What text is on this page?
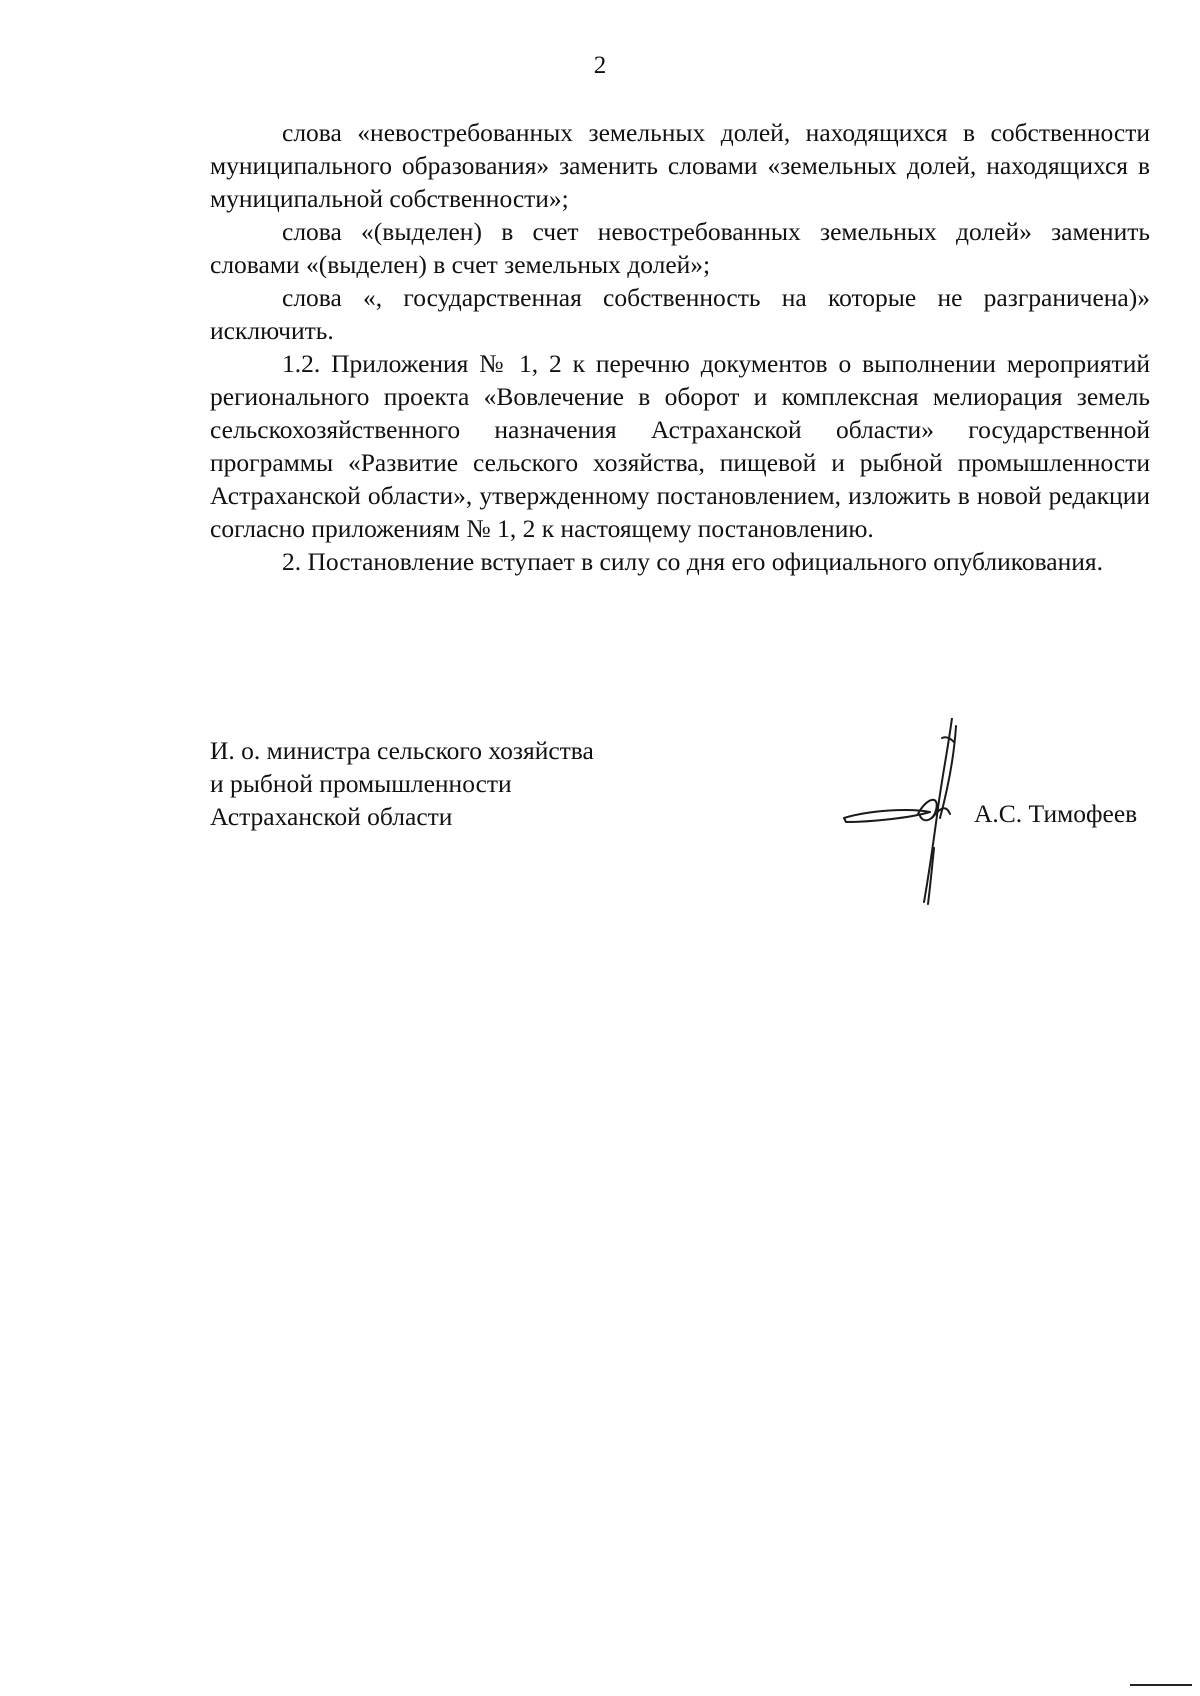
2

слова «невостребованных земельных долей, находящихся в собственности муниципального образования» заменить словами «земельных долей, находящихся в муниципальной собственности»;

слова «(выделен) в счет невостребованных земельных долей» заменить словами «(выделен) в счет земельных долей»;

слова «, государственная собственность на которые не разграничена)» исключить.

1.2. Приложения № 1, 2 к перечню документов о выполнении мероприятий регионального проекта «Вовлечение в оборот и комплексная мелиорация земель сельскохозяйственного назначения Астраханской области» государственной программы «Развитие сельского хозяйства, пищевой и рыбной промышленности Астраханской области», утвержденному постановлением, изложить в новой редакции согласно приложениям № 1, 2 к настоящему постановлению.

2. Постановление вступает в силу со дня его официального опубликования.

И. о. министра сельского хозяйства
и рыбной промышленности
Астраханской области	А.С. Тимофеев
